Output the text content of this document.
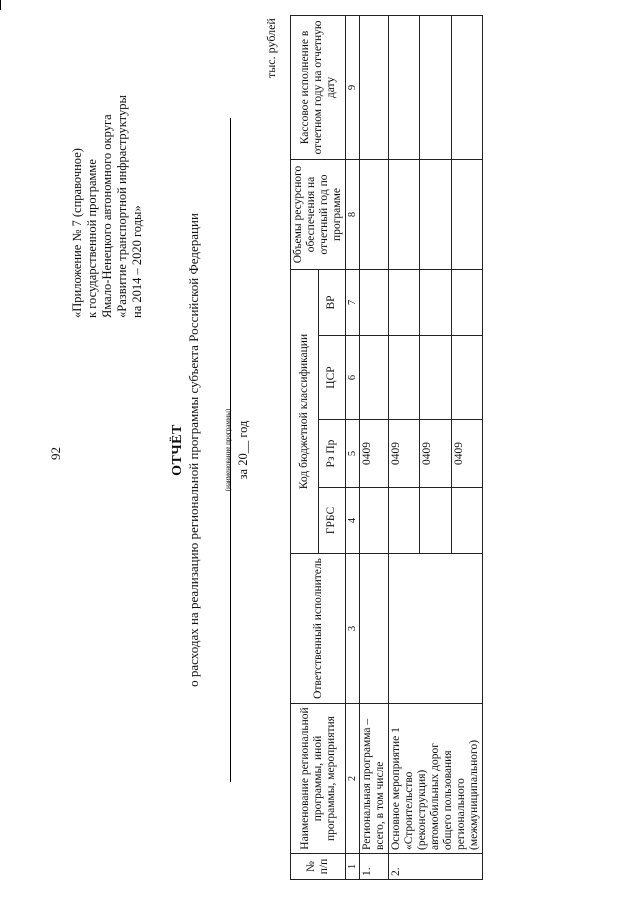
92
«Приложение № 7 (справочное) к государственной программе Ямало-Ненецкого автономного округа «Развитие транспортной инфраструктуры на 2014 – 2020 годы»
ОТЧЁТ о расходах на реализацию региональной программы субъекта Российской Федерации	(наименование программы) за 20__ год
тыс. рублей
№ п/п	Наименование региональной программы, иной программы, мероприятия	Ответственный исполнитель	Код бюджетной классификации				Объемы ресурсного обеспечения на отчетный год по программе	Кассовое исполнение в отчетном году на отчетную дату
			ГРБС	Рз Пр	ЦСР	ВР		
1	2	3	4	5	6	7	8	9
1.	Региональная программа – всего, в том числе			0409				
2.	Основное мероприятие 1 «Строительство (реконструкция) автомобильных дорог общего пользования регионального (межмуниципального)			0409				
				0409				
				0409				
